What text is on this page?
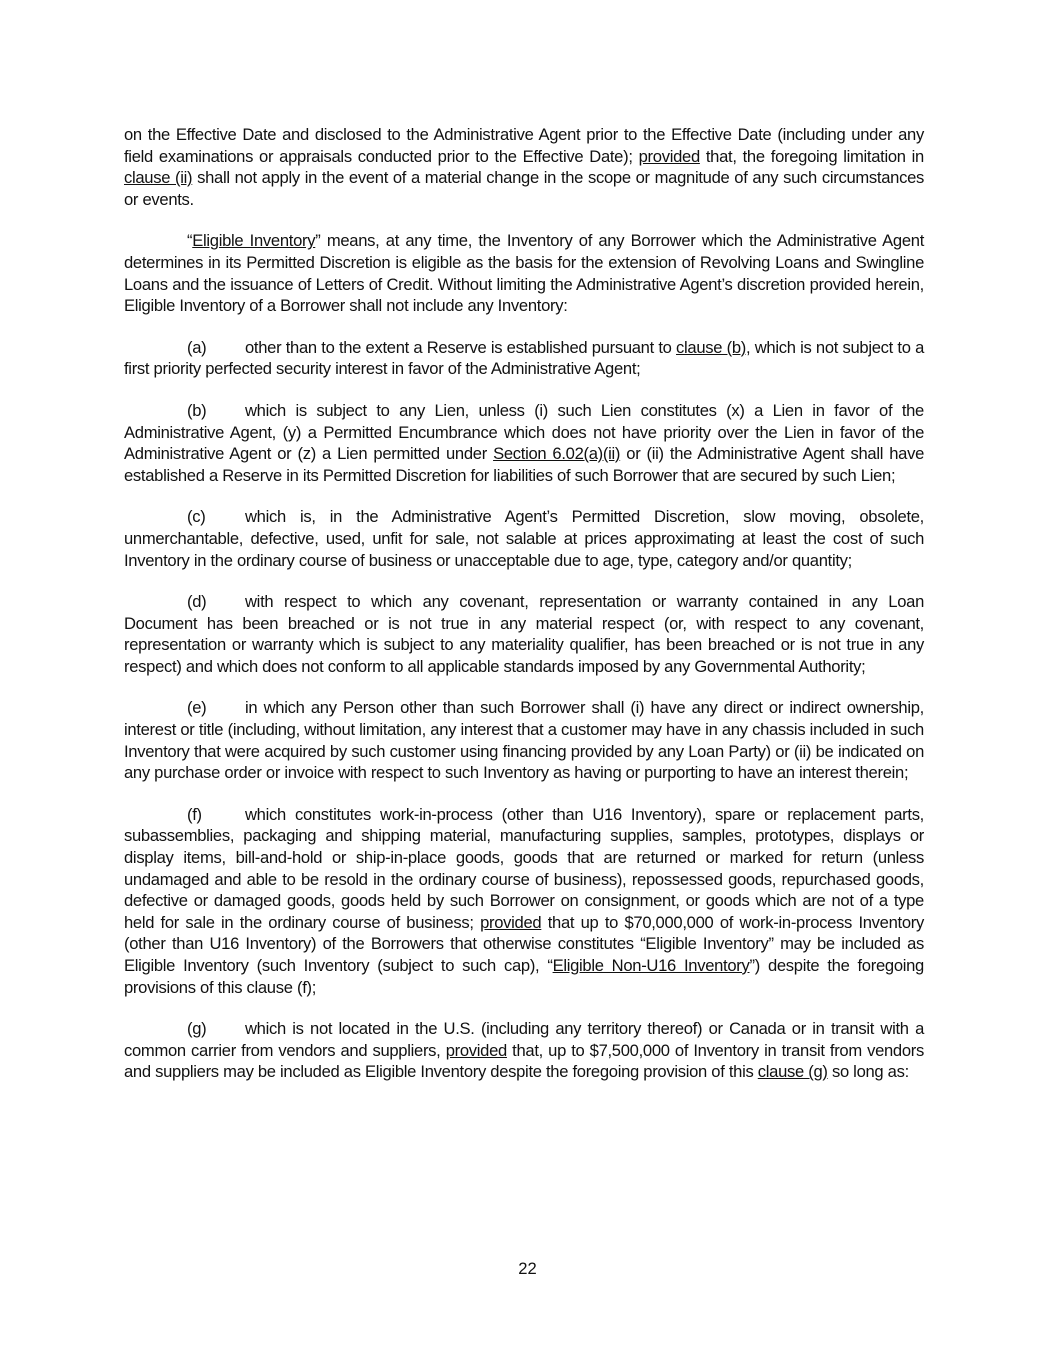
on the Effective Date and disclosed to the Administrative Agent prior to the Effective Date (including under any field examinations or appraisals conducted prior to the Effective Date); provided that, the foregoing limitation in clause (ii) shall not apply in the event of a material change in the scope or magnitude of any such circumstances or events.

“Eligible Inventory” means, at any time, the Inventory of any Borrower which the Administrative Agent determines in its Permitted Discretion is eligible as the basis for the extension of Revolving Loans and Swingline Loans and the issuance of Letters of Credit. Without limiting the Administrative Agent’s discretion provided herein, Eligible Inventory of a Borrower shall not include any Inventory:

(a) other than to the extent a Reserve is established pursuant to clause (b), which is not subject to a first priority perfected security interest in favor of the Administrative Agent;

(b) which is subject to any Lien, unless (i) such Lien constitutes (x) a Lien in favor of the Administrative Agent, (y) a Permitted Encumbrance which does not have priority over the Lien in favor of the Administrative Agent or (z) a Lien permitted under Section 6.02(a)(ii) or (ii) the Administrative Agent shall have established a Reserve in its Permitted Discretion for liabilities of such Borrower that are secured by such Lien;

(c) which is, in the Administrative Agent’s Permitted Discretion, slow moving, obsolete, unmerchantable, defective, used, unfit for sale, not salable at prices approximating at least the cost of such Inventory in the ordinary course of business or unacceptable due to age, type, category and/or quantity;

(d) with respect to which any covenant, representation or warranty contained in any Loan Document has been breached or is not true in any material respect (or, with respect to any covenant, representation or warranty which is subject to any materiality qualifier, has been breached or is not true in any respect) and which does not conform to all applicable standards imposed by any Governmental Authority;

(e) in which any Person other than such Borrower shall (i) have any direct or indirect ownership, interest or title (including, without limitation, any interest that a customer may have in any chassis included in such Inventory that were acquired by such customer using financing provided by any Loan Party) or (ii) be indicated on any purchase order or invoice with respect to such Inventory as having or purporting to have an interest therein;

(f)	which constitutes work-in-process (other than U16 Inventory), spare or replacement parts, subassemblies, packaging and shipping material, manufacturing supplies, samples, prototypes, displays or display items, bill-and-hold or ship-in-place goods, goods that are returned or marked for return (unless undamaged and able to be resold in the ordinary course of business), repossessed goods, repurchased goods, defective or damaged goods, goods held by such Borrower on consignment, or goods which are not of a type held for sale in the ordinary course of business; provided that up to $70,000,000 of work-in-process Inventory (other than U16 Inventory) of the Borrowers that otherwise constitutes “Eligible Inventory” may be included as Eligible Inventory (such Inventory (subject to such cap), “Eligible Non-U16 Inventory”) despite the foregoing provisions of this clause (f);

(g) which is not located in the U.S. (including any territory thereof) or Canada or in transit with a common carrier from vendors and suppliers, provided that, up to $7,500,000 of Inventory in transit from vendors and suppliers may be included as Eligible Inventory despite the foregoing provision of this clause (g) so long as:

22
